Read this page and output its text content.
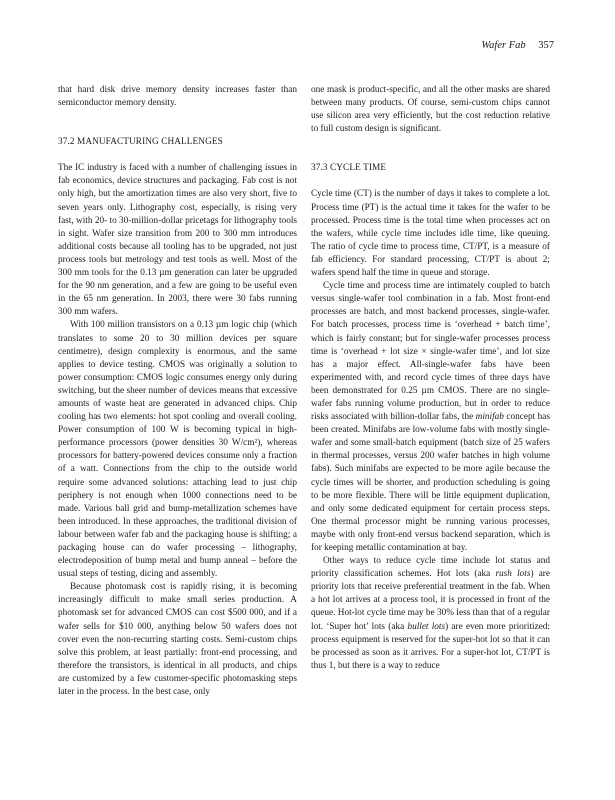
Wafer Fab 357

that hard disk drive memory density increases faster than semiconductor memory density.

37.2 MANUFACTURING CHALLENGES

The IC industry is faced with a number of challenging issues in fab economics, device structures and packaging. Fab cost is not only high, but the amortization times are also very short, five to seven years only. Lithography cost, especially, is rising very fast, with 20- to 30-million-dollar pricetags for lithography tools in sight. Wafer size transition from 200 to 300 mm introduces additional costs because all tooling has to be upgraded, not just process tools but metrology and test tools as well. Most of the 300 mm tools for the 0.13 µm generation can later be upgraded for the 90 nm generation, and a few are going to be useful even in the 65 nm generation. In 2003, there were 30 fabs running 300 mm wafers.

With 100 million transistors on a 0.13 µm logic chip (which translates to some 20 to 30 million devices per square centimetre), design complexity is enormous, and the same applies to device testing. CMOS was originally a solution to power consumption: CMOS logic consumes energy only during switching, but the sheer number of devices means that excessive amounts of waste heat are generated in advanced chips. Chip cooling has two elements: hot spot cooling and overall cooling. Power consumption of 100 W is becoming typical in high-performance processors (power densities 30 W/cm²), whereas processors for battery-powered devices consume only a fraction of a watt. Connections from the chip to the outside world require some advanced solutions: attaching lead to just chip periphery is not enough when 1000 connections need to be made. Various ball grid and bump-metallization schemes have been introduced. In these approaches, the traditional division of labour between wafer fab and the packaging house is shifting; a packaging house can do wafer processing – lithography, electrodeposition of bump metal and bump anneal – before the usual steps of testing, dicing and assembly.

Because photomask cost is rapidly rising, it is becoming increasingly difficult to make small series production. A photomask set for advanced CMOS can cost $500 000, and if a wafer sells for $10 000, anything below 50 wafers does not cover even the non-recurring starting costs. Semi-custom chips solve this problem, at least partially: front-end processing, and therefore the transistors, is identical in all products, and chips are customized by a few customer-specific photomasking steps later in the process. In the best case, only

one mask is product-specific, and all the other masks are shared between many products. Of course, semi-custom chips cannot use silicon area very efficiently, but the cost reduction relative to full custom design is significant.

37.3 CYCLE TIME

Cycle time (CT) is the number of days it takes to complete a lot. Process time (PT) is the actual time it takes for the wafer to be processed. Process time is the total time when processes act on the wafers, while cycle time includes idle time, like queuing. The ratio of cycle time to process time, CT/PT, is a measure of fab efficiency. For standard processing, CT/PT is about 2; wafers spend half the time in queue and storage.

Cycle time and process time are intimately coupled to batch versus single-wafer tool combination in a fab. Most front-end processes are batch, and most backend processes, single-wafer. For batch processes, process time is ‘overhead + batch time’, which is fairly constant; but for single-wafer processes process time is ‘overhead + lot size × single-wafer time’, and lot size has a major effect. All-single-wafer fabs have been experimented with, and record cycle times of three days have been demonstrated for 0.25 µm CMOS. There are no single-wafer fabs running volume production, but in order to reduce risks associated with billion-dollar fabs, the minifab concept has been created. Minifabs are low-volume fabs with mostly single-wafer and some small-batch equipment (batch size of 25 wafers in thermal processes, versus 200 wafer batches in high volume fabs). Such minifabs are expected to be more agile because the cycle times will be shorter, and production scheduling is going to be more flexible. There will be little equipment duplication, and only some dedicated equipment for certain process steps. One thermal processor might be running various processes, maybe with only front-end versus backend separation, which is for keeping metallic contamination at bay.

Other ways to reduce cycle time include lot status and priority classification schemes. Hot lots (aka rush lots) are priority lots that receive preferential treatment in the fab. When a hot lot arrives at a process tool, it is processed in front of the queue. Hot-lot cycle time may be 30% less than that of a regular lot. ‘Super hot’ lots (aka bullet lots) are even more prioritized: process equipment is reserved for the super-hot lot so that it can be processed as soon as it arrives. For a super-hot lot, CT/PT is thus 1, but there is a way to reduce
